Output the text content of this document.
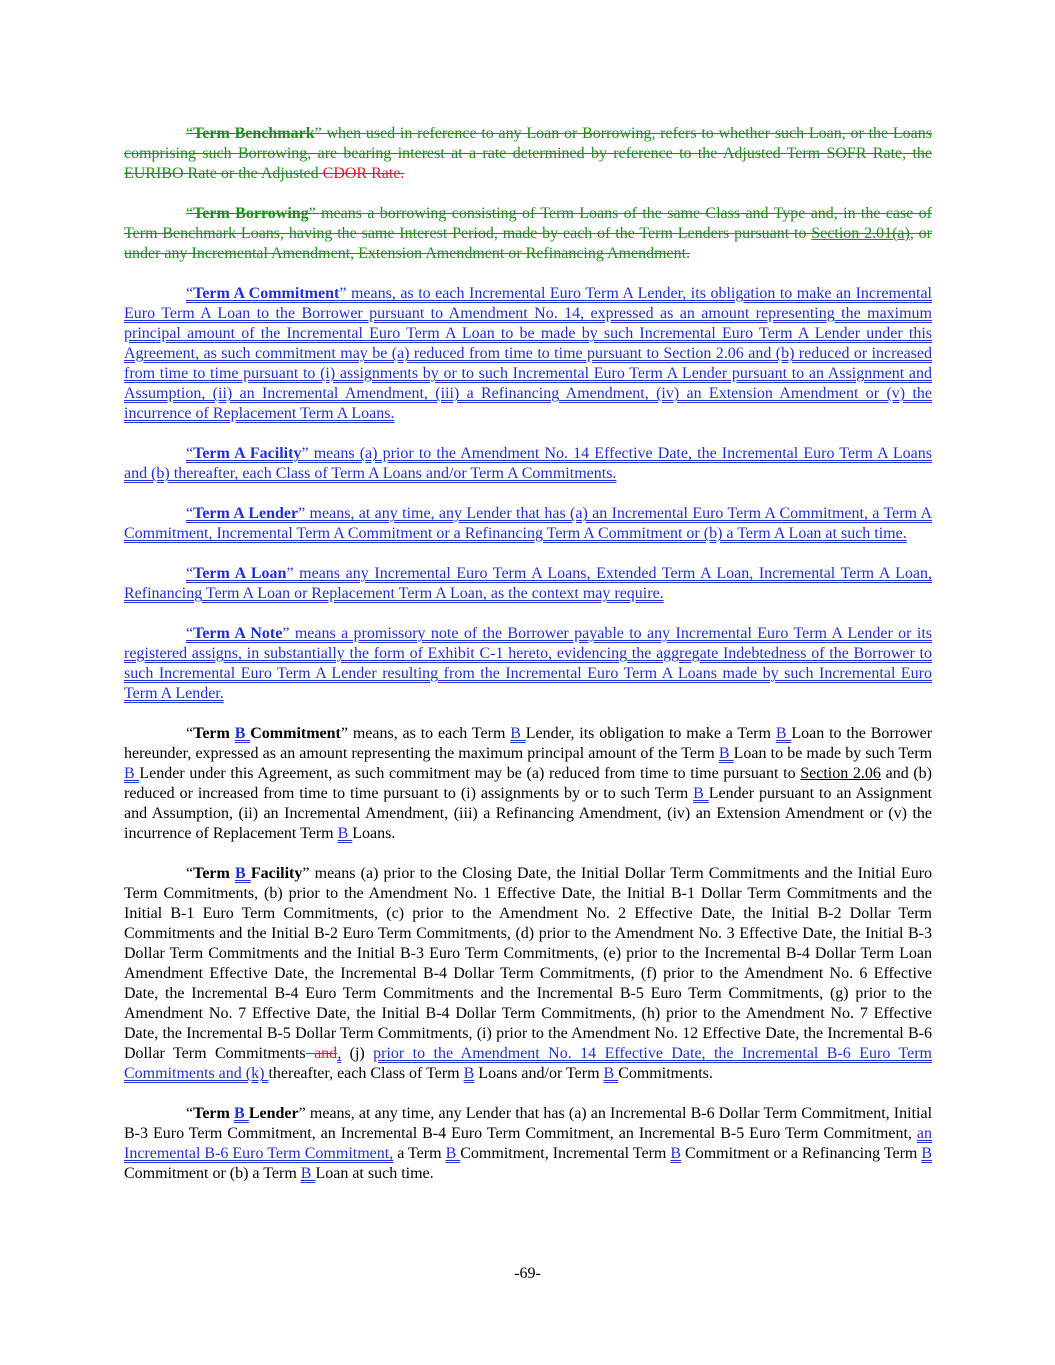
“Term Benchmark” when used in reference to any Loan or Borrowing, refers to whether such Loan, or the Loans comprising such Borrowing, are bearing interest at a rate determined by reference to the Adjusted Term SOFR Rate, the EURIBO Rate or the Adjusted CDOR Rate.

“Term Borrowing” means a borrowing consisting of Term Loans of the same Class and Type and, in the case of Term Benchmark Loans, having the same Interest Period, made by each of the Term Lenders pursuant to Section 2.01(a), or under any Incremental Amendment, Extension Amendment or Refinancing Amendment.

“Term A Commitment” means, as to each Incremental Euro Term A Lender, its obligation to make an Incremental Euro Term A Loan to the Borrower pursuant to Amendment No. 14, expressed as an amount representing the maximum principal amount of the Incremental Euro Term A Loan to be made by such Incremental Euro Term A Lender under this Agreement, as such commitment may be (a) reduced from time to time pursuant to Section 2.06 and (b) reduced or increased from time to time pursuant to (i) assignments by or to such Incremental Euro Term A Lender pursuant to an Assignment and Assumption, (ii) an Incremental Amendment, (iii) a Refinancing Amendment, (iv) an Extension Amendment or (v) the incurrence of Replacement Term A Loans.

“Term A Facility” means (a) prior to the Amendment No. 14 Effective Date, the Incremental Euro Term A Loans and (b) thereafter, each Class of Term A Loans and/or Term A Commitments.

“Term A Lender” means, at any time, any Lender that has (a) an Incremental Euro Term A Commitment, a Term A Commitment, Incremental Term A Commitment or a Refinancing Term A Commitment or (b) a Term A Loan at such time.

“Term A Loan” means any Incremental Euro Term A Loans, Extended Term A Loan, Incremental Term A Loan, Refinancing Term A Loan or Replacement Term A Loan, as the context may require.

“Term A Note” means a promissory note of the Borrower payable to any Incremental Euro Term A Lender or its registered assigns, in substantially the form of Exhibit C-1 hereto, evidencing the aggregate Indebtedness of the Borrower to such Incremental Euro Term A Lender resulting from the Incremental Euro Term A Loans made by such Incremental Euro Term A Lender.

“Term B Commitment” means, as to each Term B Lender, its obligation to make a Term B Loan to the Borrower hereunder, expressed as an amount representing the maximum principal amount of the Term B Loan to be made by such Term B Lender under this Agreement, as such commitment may be (a) reduced from time to time pursuant to Section 2.06 and (b) reduced or increased from time to time pursuant to (i) assignments by or to such Term B Lender pursuant to an Assignment and Assumption, (ii) an Incremental Amendment, (iii) a Refinancing Amendment, (iv) an Extension Amendment or (v) the incurrence of Replacement Term B Loans.

“Term B Facility” means (a) prior to the Closing Date, the Initial Dollar Term Commitments and the Initial Euro Term Commitments, (b) prior to the Amendment No. 1 Effective Date, the Initial B-1 Dollar Term Commitments and the Initial B-1 Euro Term Commitments, (c) prior to the Amendment No. 2 Effective Date, the Initial B-2 Dollar Term Commitments and the Initial B-2 Euro Term Commitments, (d) prior to the Amendment No. 3 Effective Date, the Initial B-3 Dollar Term Commitments and the Initial B-3 Euro Term Commitments, (e) prior to the Incremental B-4 Dollar Term Loan Amendment Effective Date, the Incremental B-4 Dollar Term Commitments, (f) prior to the Amendment No. 6 Effective Date, the Incremental B-4 Euro Term Commitments and the Incremental B-5 Euro Term Commitments, (g) prior to the Amendment No. 7 Effective Date, the Initial B-4 Dollar Term Commitments, (h) prior to the Amendment No. 7 Effective Date, the Incremental B-5 Dollar Term Commitments, (i) prior to the Amendment No. 12 Effective Date, the Incremental B-6 Dollar Term Commitments and, (j) prior to the Amendment No. 14 Effective Date, the Incremental B-6 Euro Term Commitments and (k) thereafter, each Class of Term B Loans and/or Term B Commitments.

“Term B Lender” means, at any time, any Lender that has (a) an Incremental B-6 Dollar Term Commitment, Initial B-3 Euro Term Commitment, an Incremental B-4 Euro Term Commitment, an Incremental B-5 Euro Term Commitment, an Incremental B-6 Euro Term Commitment, a Term B Commitment, Incremental Term B Commitment or a Refinancing Term B Commitment or (b) a Term B Loan at such time.

-69-
